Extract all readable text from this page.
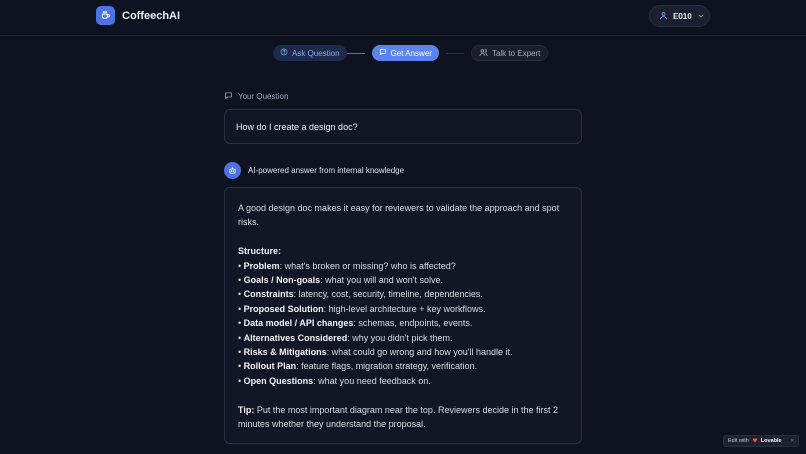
CoffeechAI	E010
Ask Question	Get Answer	Talk to Expert
Your Question
How do I create a design doc?
AI-powered answer from internal knowledge

A good design doc makes it easy for reviewers to validate the approach and spot risks.

Structure:

• Problem: what's broken or missing? who is affected?

• Goals / Non-goals: what you will and won't solve.

• Constraints: latency, cost, security, timeline, dependencies.

• Proposed Solution: high-level architecture + key workflows.

• Data model / API changes: schemas, endpoints, events.

• Alternatives Considered: why you didn't pick them.

• Risks & Mitigations: what could go wrong and how you'll handle it.

• Rollout Plan: feature flags, migration strategy, verification.

• Open Questions: what you need feedback on.

Tip: Put the most important diagram near the top. Reviewers decide in the first 2 minutes whether they understand the proposal.

Edit with Lovable ×
